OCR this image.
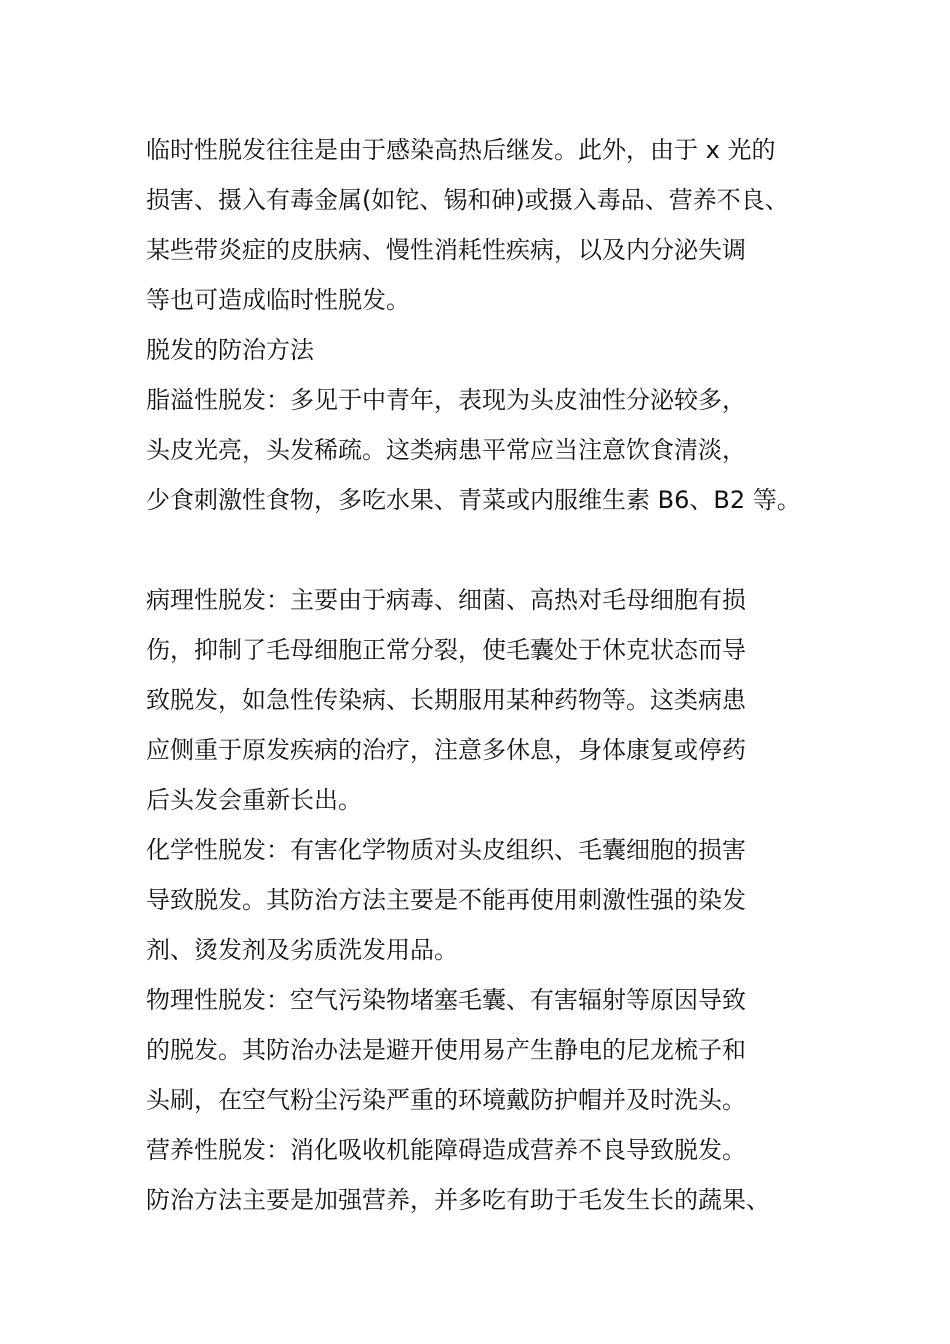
临时性脱发往往是由于感染高热后继发。此外，由于 x 光的
损害、摄入有毒金属(如铊、锡和砷)或摄入毒品、营养不良、
某些带炎症的皮肤病、慢性消耗性疾病，以及内分泌失调
等也可造成临时性脱发。
脱发的防治方法
脂溢性脱发：多见于中青年，表现为头皮油性分泌较多，
头皮光亮，头发稀疏。这类病患平常应当注意饮食清淡，
少食刺激性食物，多吃水果、青菜或内服维生素 B6、B2 等。
病理性脱发：主要由于病毒、细菌、高热对毛母细胞有损
伤，抑制了毛母细胞正常分裂，使毛囊处于休克状态而导
致脱发，如急性传染病、长期服用某种药物等。这类病患
应侧重于原发疾病的治疗，注意多休息，身体康复或停药
后头发会重新长出。
化学性脱发：有害化学物质对头皮组织、毛囊细胞的损害
导致脱发。其防治方法主要是不能再使用刺激性强的染发
剂、烫发剂及劣质洗发用品。
物理性脱发：空气污染物堵塞毛囊、有害辐射等原因导致
的脱发。其防治办法是避开使用易产生静电的尼龙梳子和
头刷，在空气粉尘污染严重的环境戴防护帽并及时洗头。
营养性脱发：消化吸收机能障碍造成营养不良导致脱发。
防治方法主要是加强营养，并多吃有助于毛发生长的蔬果、
